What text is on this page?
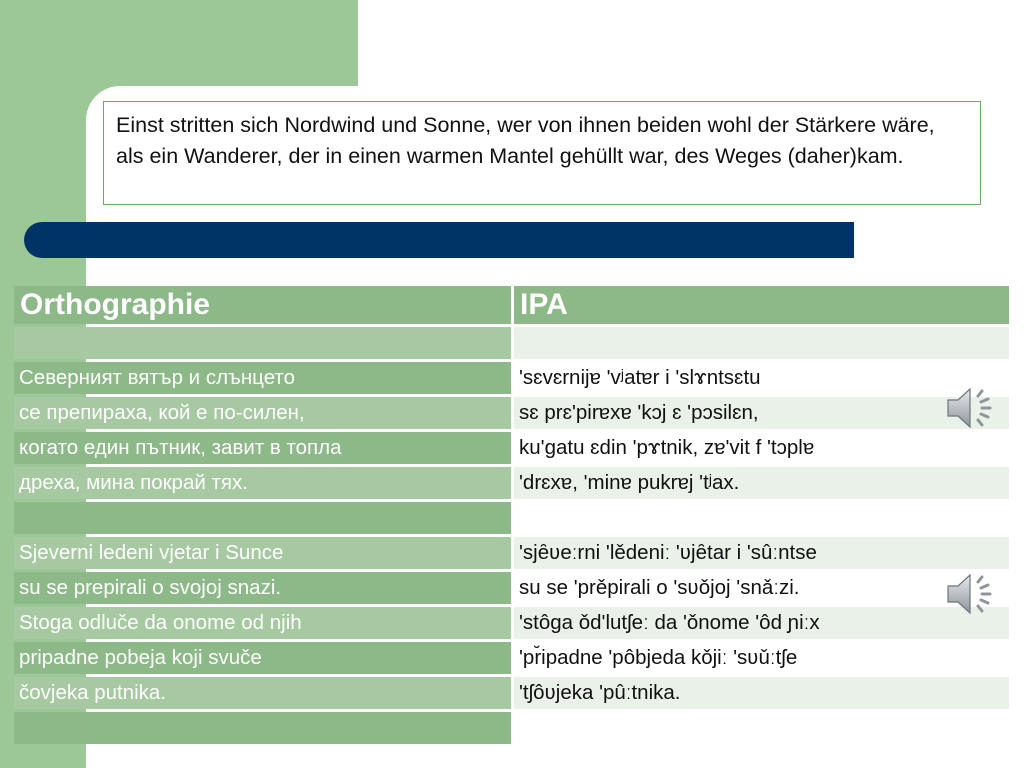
Einst stritten sich Nordwind und Sonne, wer von ihnen beiden wohl der Stärkere wäre, als ein Wanderer, der in einen warmen Mantel gehüllt war, des Weges (daher)kam.
Orthographie	IPA

Северният вятър и слънцето	'sɛvɛrnijɐ 'vʲatɐr i 'slɤntsɛtu
се препираха, кой е по-силен,	sɛ prɛ'pirɐxɐ 'kɔj ɛ 'pɔsilɛn,
когато един пътник, завит в топла	ku'gatu ɛdin 'pɤtnik, zɐ'vit f 'tɔplɐ
дреха, мина покрай тях.	'drɛxɐ, 'minɐ pukrɐj 'tʲax.

Sjeverni ledeni vjetar i Sunce	'sjȇʋeːrni 'lědeniː 'ʋjȇtar i 'sûːntse
su se prepirali o svojoj snazi.	su se 'prěpirali o 'sʋǒjoj 'snǎːzi.
Stoga odluče da onome od njih	'stôga ǒd'lutʃeː da 'ǒnome 'ôd ɲiːx
pripadne pobeja koji svuče	'pr̆ipadne 'pôbjeda kǒjiː 'sʋǔːtʃe
čovjeka putnika.	'tʃôʋjeka 'pûːtnika.
